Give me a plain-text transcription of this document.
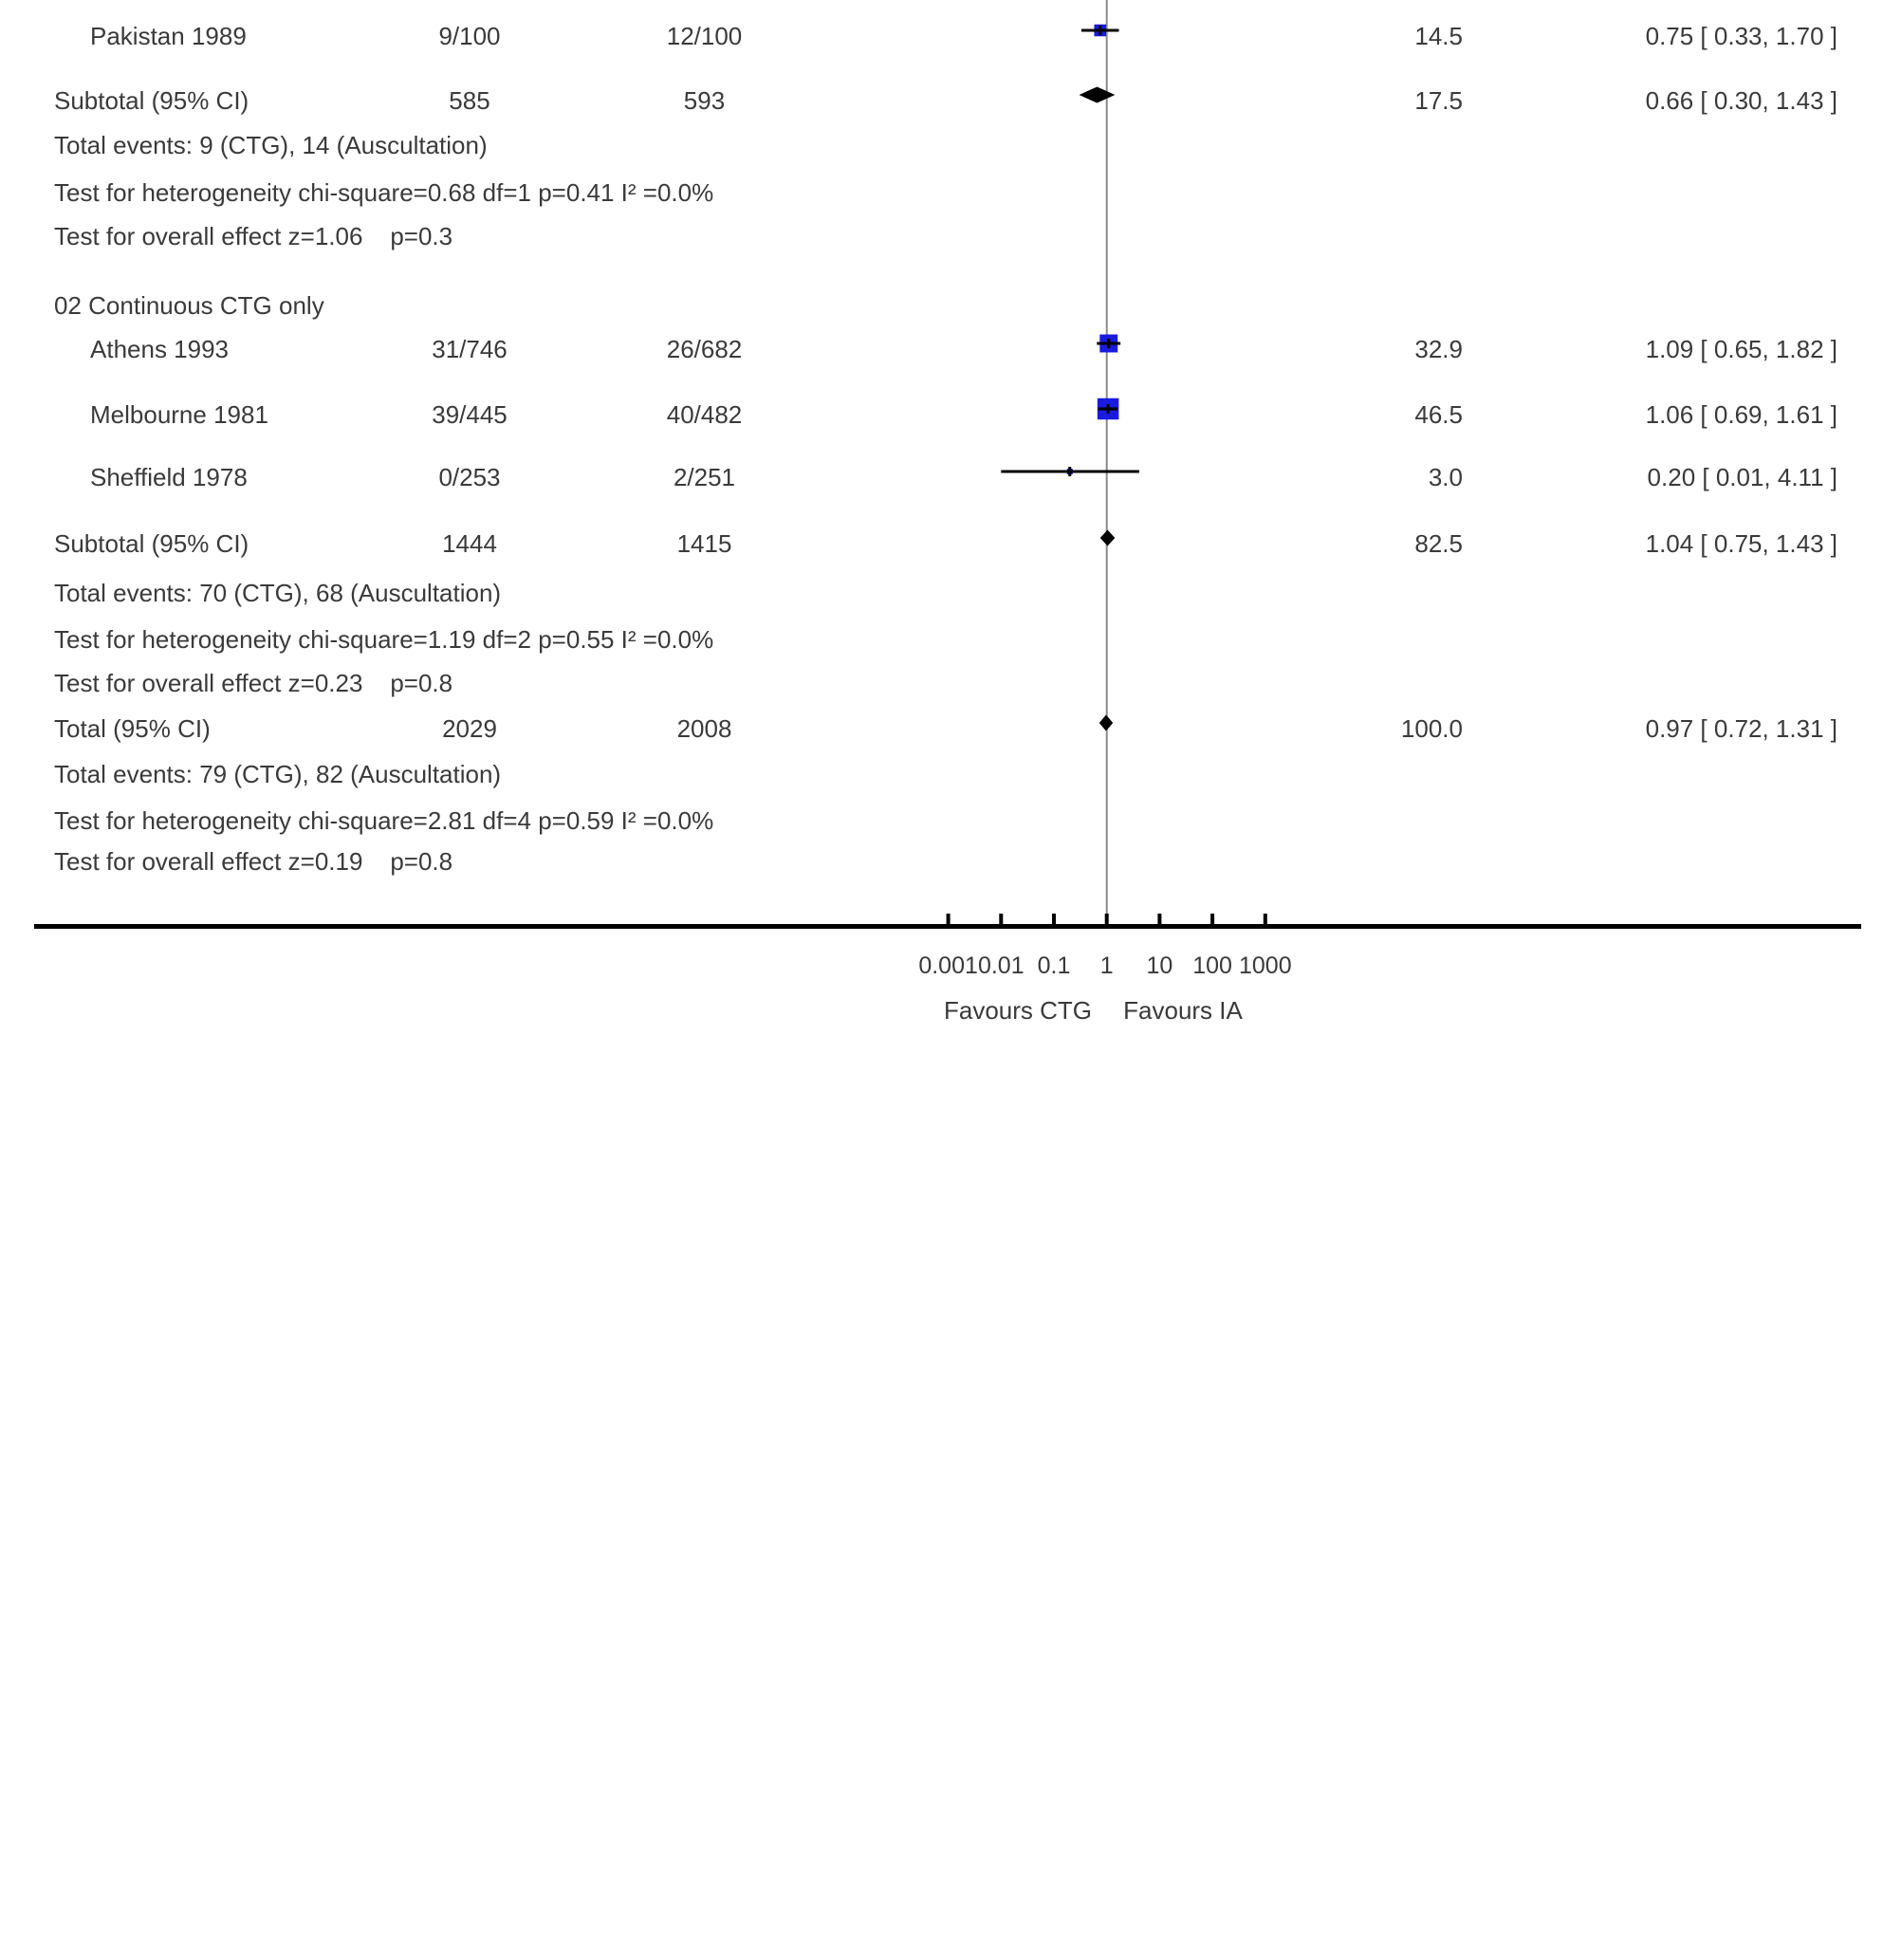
Pakistan 1989	9/100	12/100	14.5	0.75 [ 0.33, 1.70 ]
Subtotal (95% CI)	585	593	17.5	0.66 [ 0.30, 1.43 ]
Total events: 9 (CTG), 14 (Auscultation)
Test for heterogeneity chi-square=0.68 df=1 p=0.41 I² =0.0%
Test for overall effect z=1.06    p=0.3
02 Continuous CTG only
Athens 1993	31/746	26/682	32.9	1.09 [ 0.65, 1.82 ]
Melbourne 1981	39/445	40/482	46.5	1.06 [ 0.69, 1.61 ]
Sheffield 1978	0/253	2/251	3.0	0.20 [ 0.01, 4.11 ]
Subtotal (95% CI)	1444	1415	82.5	1.04 [ 0.75, 1.43 ]
Total events: 70 (CTG), 68 (Auscultation)
Test for heterogeneity chi-square=1.19 df=2 p=0.55 I² =0.0%
Test for overall effect z=0.23    p=0.8
Total (95% CI)	2029	2008	100.0	0.97 [ 0.72, 1.31 ]
Total events: 79 (CTG), 82 (Auscultation)
Test for heterogeneity chi-square=2.81 df=4 p=0.59 I² =0.0%
Test for overall effect z=0.19    p=0.8
0.001 0.01 0.1	1	10 100 1000
Favours CTG	Favours IA
